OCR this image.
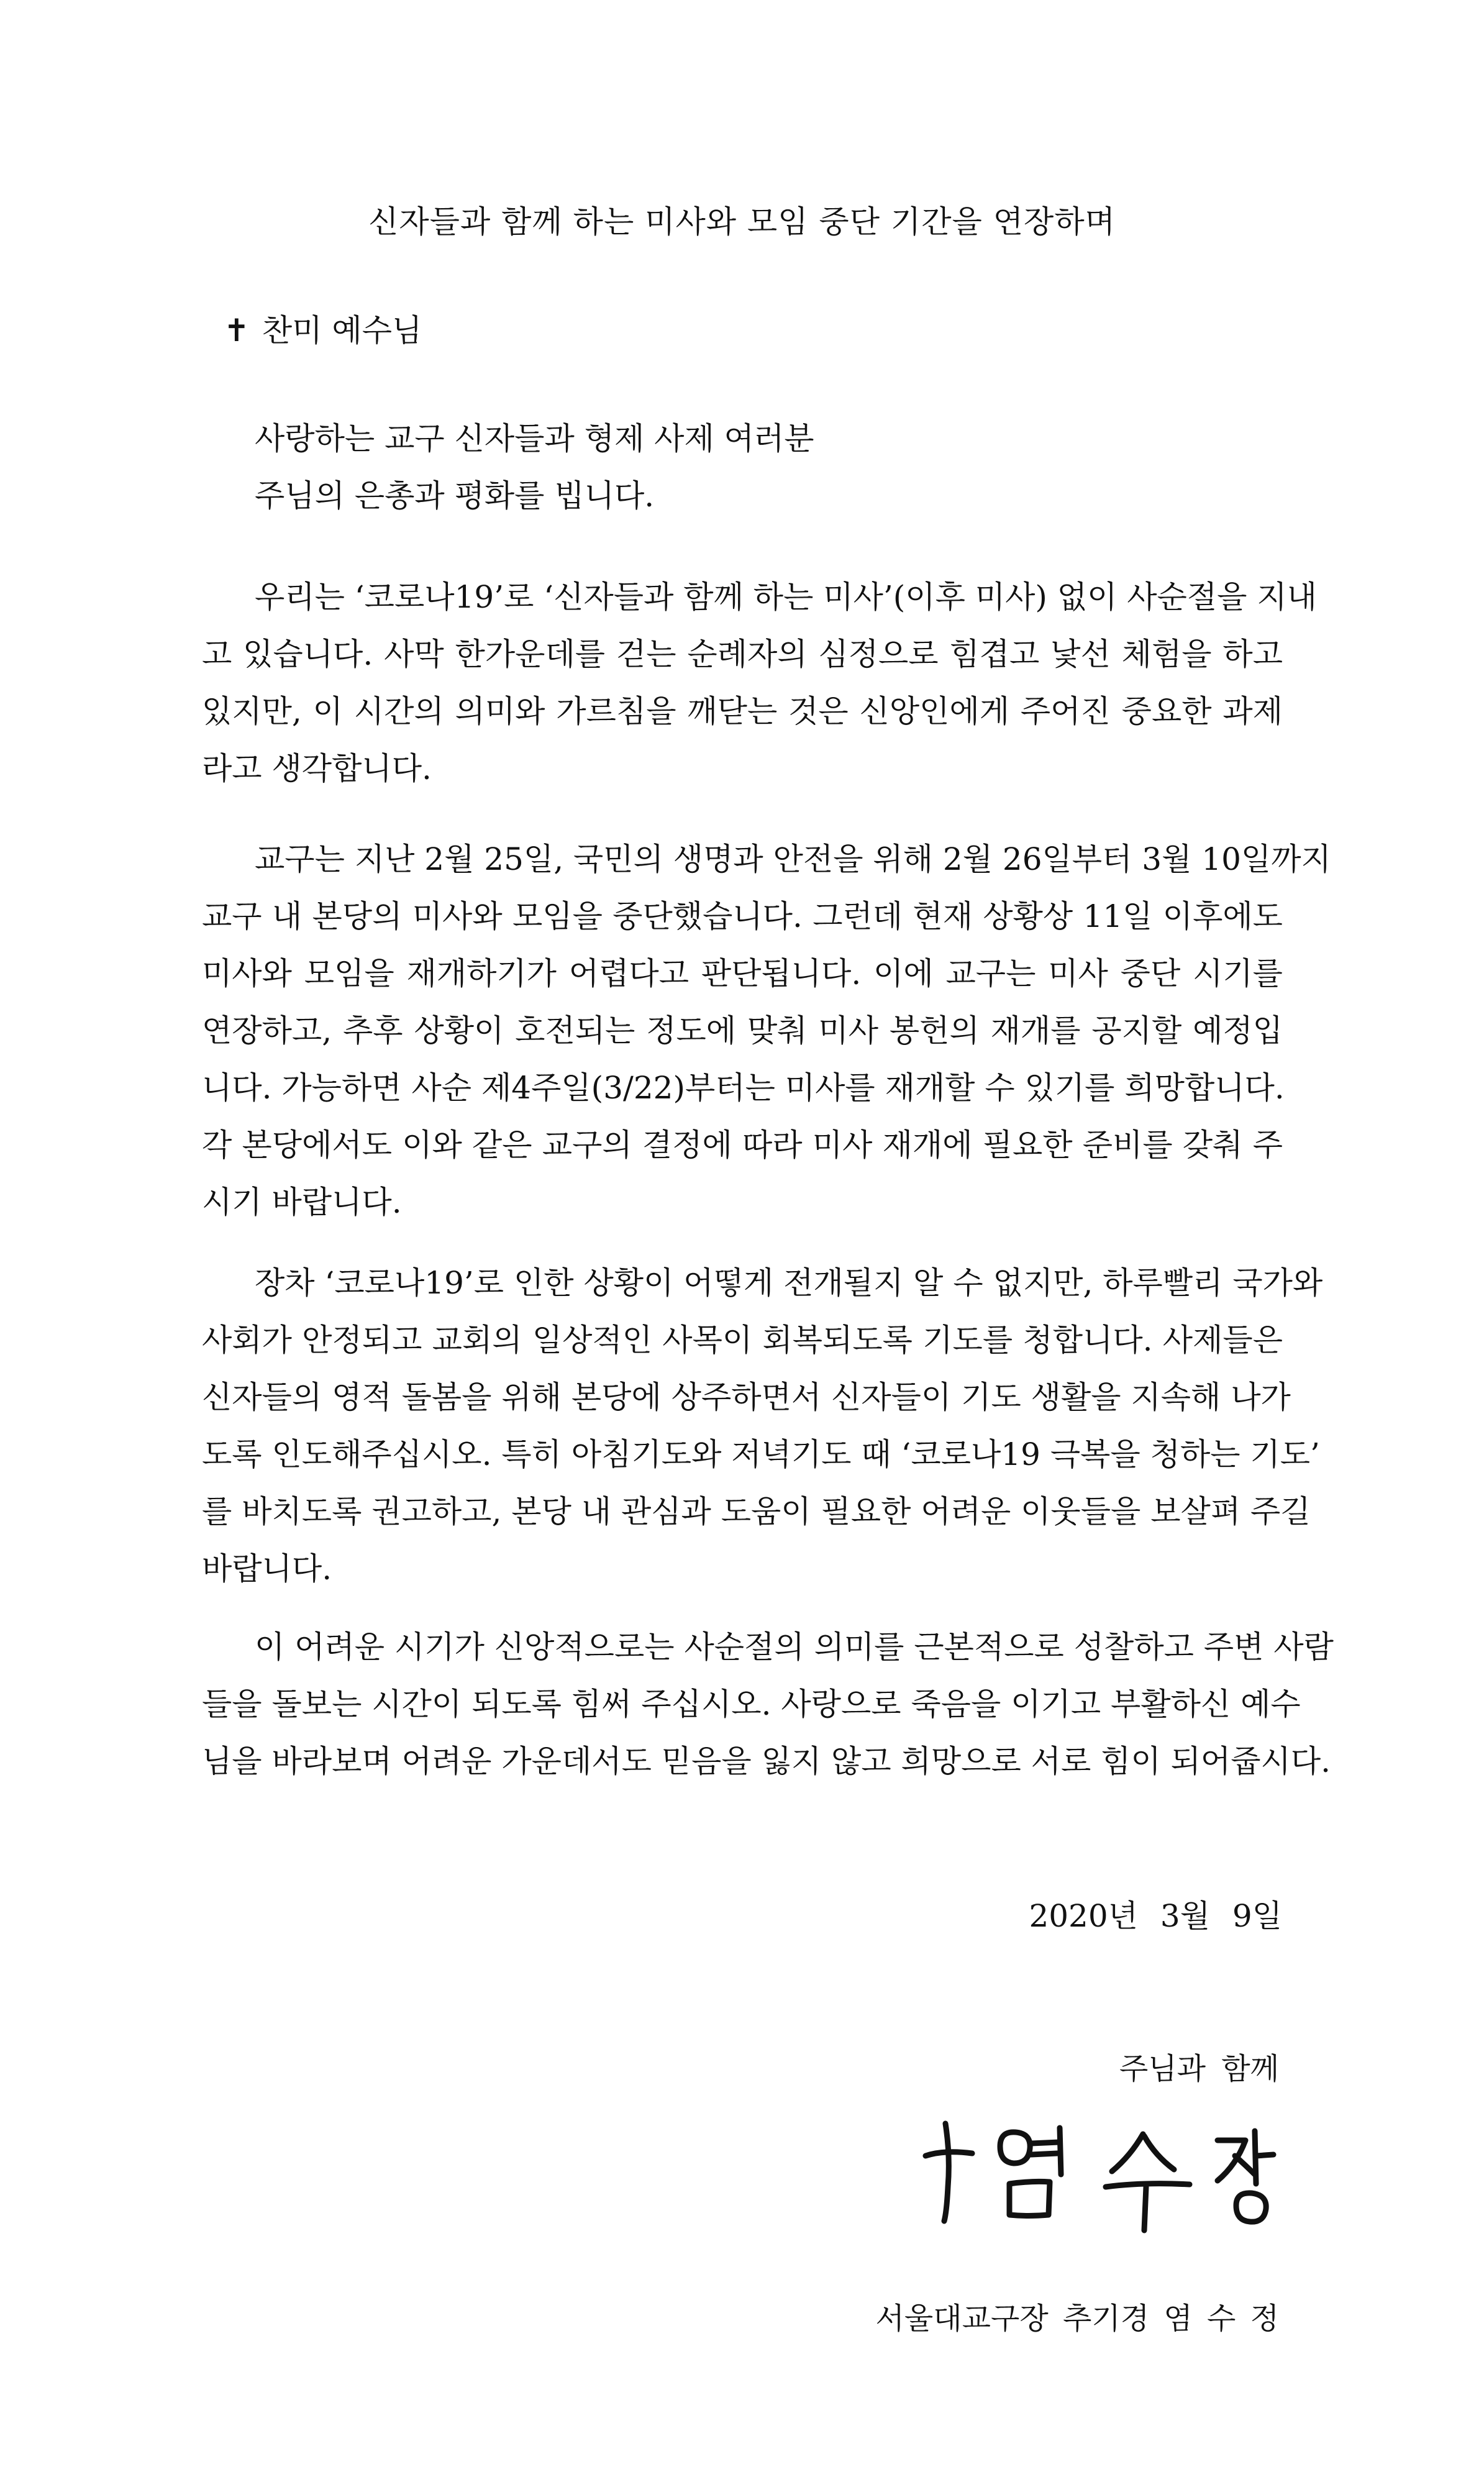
신자들과 함께 하는 미사와 모임 중단 기간을 연장하며
✝ 찬미 예수님
사랑하는 교구 신자들과 형제 사제 여러분
주님의 은총과 평화를 빕니다.
우리는 ‘코로나19’로 ‘신자들과 함께 하는 미사’(이후 미사) 없이 사순절을 지내
고 있습니다. 사막 한가운데를 걷는 순례자의 심정으로 힘겹고 낯선 체험을 하고
있지만, 이 시간의 의미와 가르침을 깨닫는 것은 신앙인에게 주어진 중요한 과제
라고 생각합니다.
교구는 지난 2월 25일, 국민의 생명과 안전을 위해 2월 26일부터 3월 10일까지
교구 내 본당의 미사와 모임을 중단했습니다. 그런데 현재 상황상 11일 이후에도
미사와 모임을 재개하기가 어렵다고 판단됩니다. 이에 교구는 미사 중단 시기를
연장하고, 추후 상황이 호전되는 정도에 맞춰 미사 봉헌의 재개를 공지할 예정입
니다. 가능하면 사순 제4주일(3/22)부터는 미사를 재개할 수 있기를 희망합니다.
각 본당에서도 이와 같은 교구의 결정에 따라 미사 재개에 필요한 준비를 갖춰 주
시기 바랍니다.
장차 ‘코로나19’로 인한 상황이 어떻게 전개될지 알 수 없지만, 하루빨리 국가와
사회가 안정되고 교회의 일상적인 사목이 회복되도록 기도를 청합니다. 사제들은
신자들의 영적 돌봄을 위해 본당에 상주하면서 신자들이 기도 생활을 지속해 나가
도록 인도해주십시오. 특히 아침기도와 저녁기도 때 ‘코로나19 극복을 청하는 기도’
를 바치도록 권고하고, 본당 내 관심과 도움이 필요한 어려운 이웃들을 보살펴 주길
바랍니다.
이 어려운 시기가 신앙적으로는 사순절의 의미를 근본적으로 성찰하고 주변 사람
들을 돌보는 시간이 되도록 힘써 주십시오. 사랑으로 죽음을 이기고 부활하신 예수
님을 바라보며 어려운 가운데서도 믿음을 잃지 않고 희망으로 서로 힘이 되어줍시다.
2020년 3월 9일
주님과 함께
서울대교구장 추기경 염 수 정
